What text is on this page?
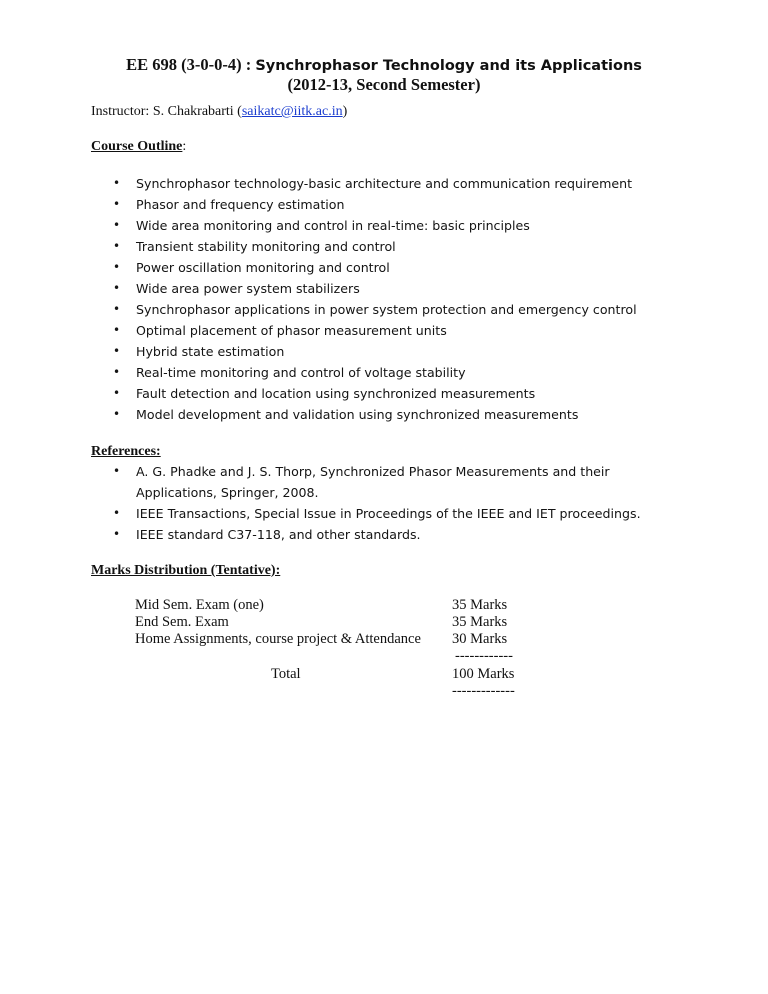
EE 698 (3-0-0-4) : Synchrophasor Technology and its Applications
(2012-13, Second Semester)
Instructor: S. Chakrabarti (saikatc@iitk.ac.in)
Course Outline:
• Synchrophasor technology-basic architecture and communication requirement
• Phasor and frequency estimation
• Wide area monitoring and control in real-time: basic principles
• Transient stability monitoring and control
• Power oscillation monitoring and control
• Wide area power system stabilizers
• Synchrophasor applications in power system protection and emergency control
• Optimal placement of phasor measurement units
• Hybrid state estimation
• Real-time monitoring and control of voltage stability
• Fault detection and location using synchronized measurements
• Model development and validation using synchronized measurements
References:
• A. G. Phadke and J. S. Thorp, Synchronized Phasor Measurements and their Applications, Springer, 2008.
• IEEE Transactions, Special Issue in Proceedings of the IEEE and IET proceedings.
• IEEE standard C37-118, and other standards.
Marks Distribution (Tentative):
Mid Sem. Exam (one)	35 Marks
End Sem. Exam	35 Marks
Home Assignments, course project & Attendance 30 Marks
------------
Total	100 Marks
-------------
